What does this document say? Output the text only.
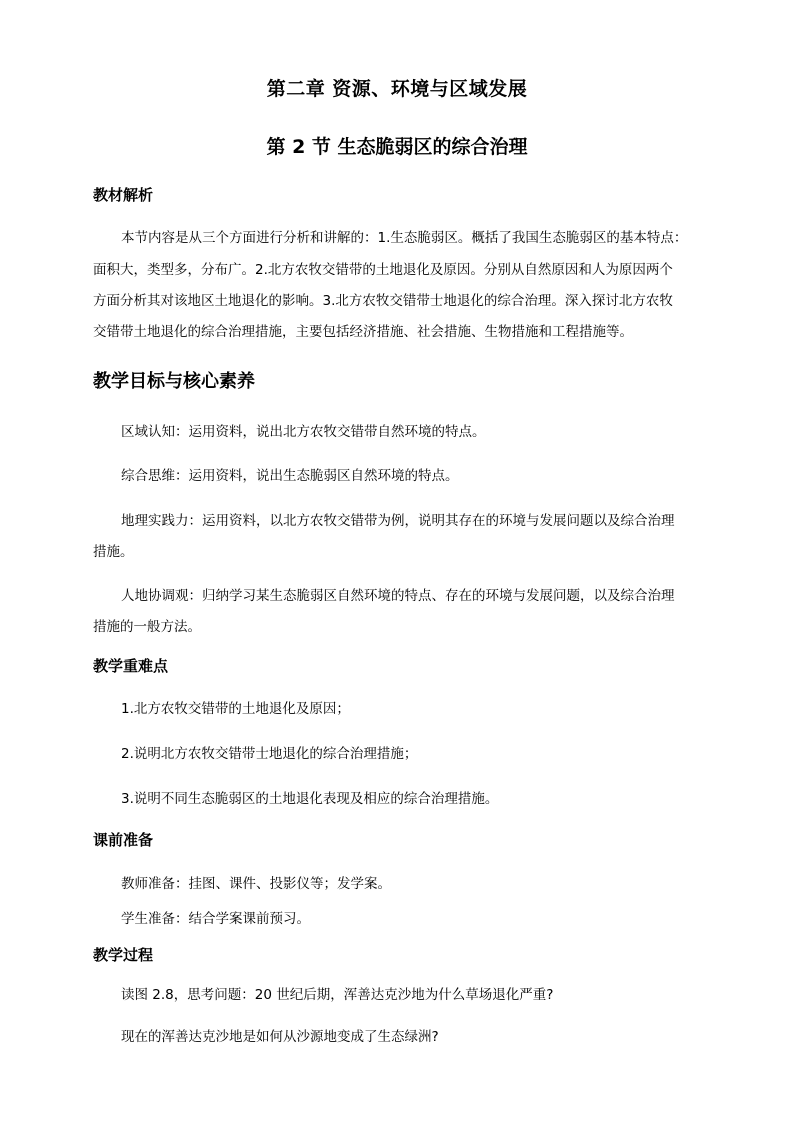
第二章 资源、环境与区域发展
第 2 节 生态脆弱区的综合治理
教材解析
本节内容是从三个方面进行分析和讲解的：1.生态脆弱区。概括了我国生态脆弱区的基本特点：
面积大，类型多，分布广。2.北方农牧交错带的土地退化及原因。分别从自然原因和人为原因两个
方面分析其对该地区土地退化的影响。3.北方农牧交错带士地退化的综合治理。深入探讨北方农牧
交错带土地退化的综合治理措施，主要包括经济措施、社会措施、生物措施和工程措施等。
教学目标与核心素养
区域认知：运用资料，说出北方农牧交错带自然环境的特点。
综合思维：运用资料，说出生态脆弱区自然环境的特点。
地理实践力：运用资料，以北方农牧交错带为例，说明其存在的环境与发展问题以及综合治理
措施。
人地协调观：归纳学习某生态脆弱区自然环境的特点、存在的环境与发展问题，以及综合治理
措施的一般方法。
教学重难点
1.北方农牧交错带的土地退化及原因；
2.说明北方农牧交错带士地退化的综合治理措施；
3.说明不同生态脆弱区的土地退化表现及相应的综合治理措施。
课前准备
教师准备：挂图、课件、投影仪等；发学案。
学生准备：结合学案课前预习。
教学过程
读图 2.8，思考问题：20 世纪后期，浑善达克沙地为什么草场退化严重?
现在的浑善达克沙地是如何从沙源地变成了生态绿洲?
